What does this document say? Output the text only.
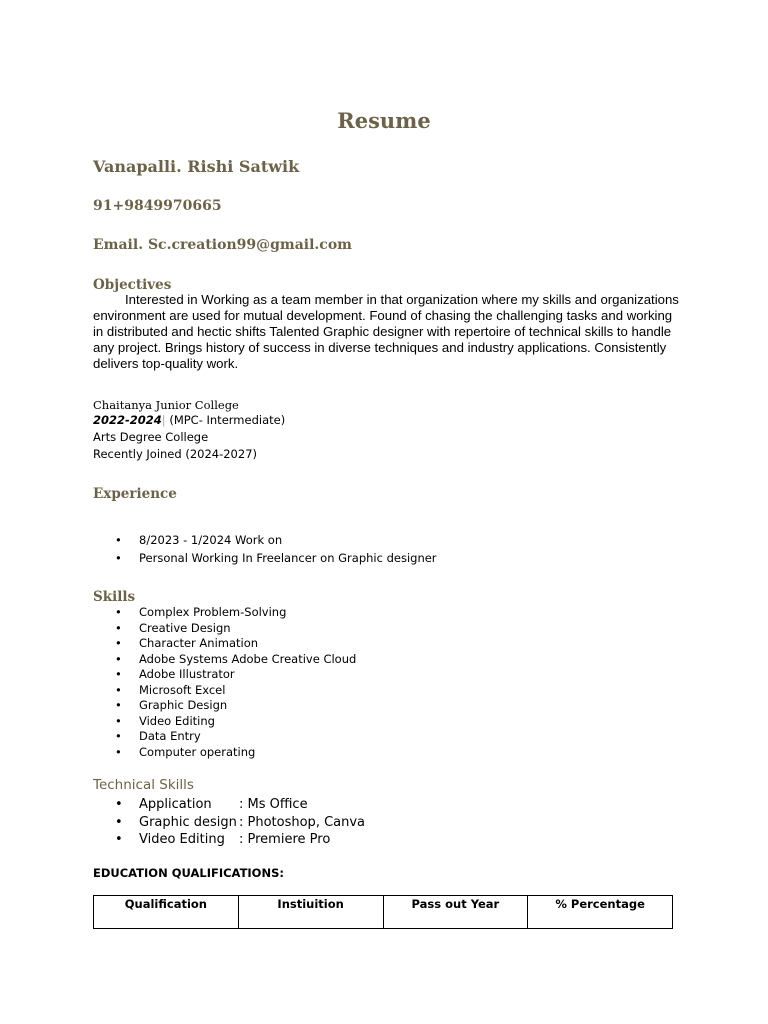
Resume
Vanapalli. Rishi Satwik
91+9849970665
Email. Sc.creation99@gmail.com
Objectives
Interested in Working as a team member in that organization where my skills and organizations environment are used for mutual development. Found of chasing the challenging tasks and working in distributed and hectic shifts Talented Graphic designer with repertoire of technical skills to handle any project. Brings history of success in diverse techniques and industry applications. Consistently delivers top-quality work.
Chaitanya Junior College
2022-2024| (MPC- Intermediate)
Arts Degree College
Recently Joined (2024-2027)
Experience
• 8/2023 - 1/2024 Work on
• Personal Working In Freelancer on Graphic designer
Skills
• Complex Problem-Solving
• Creative Design
• Character Animation
• Adobe Systems Adobe Creative Cloud
• Adobe Illustrator
• Microsoft Excel
• Graphic Design
• Video Editing
• Data Entry
• Computer operating
Technical Skills
• Application : Ms Office
• Graphic design : Photoshop, Canva
• Video Editing : Premiere Pro
EDUCATION QUALIFICATIONS:
Qualification	Instiuition	Pass out Year	% Percentage
